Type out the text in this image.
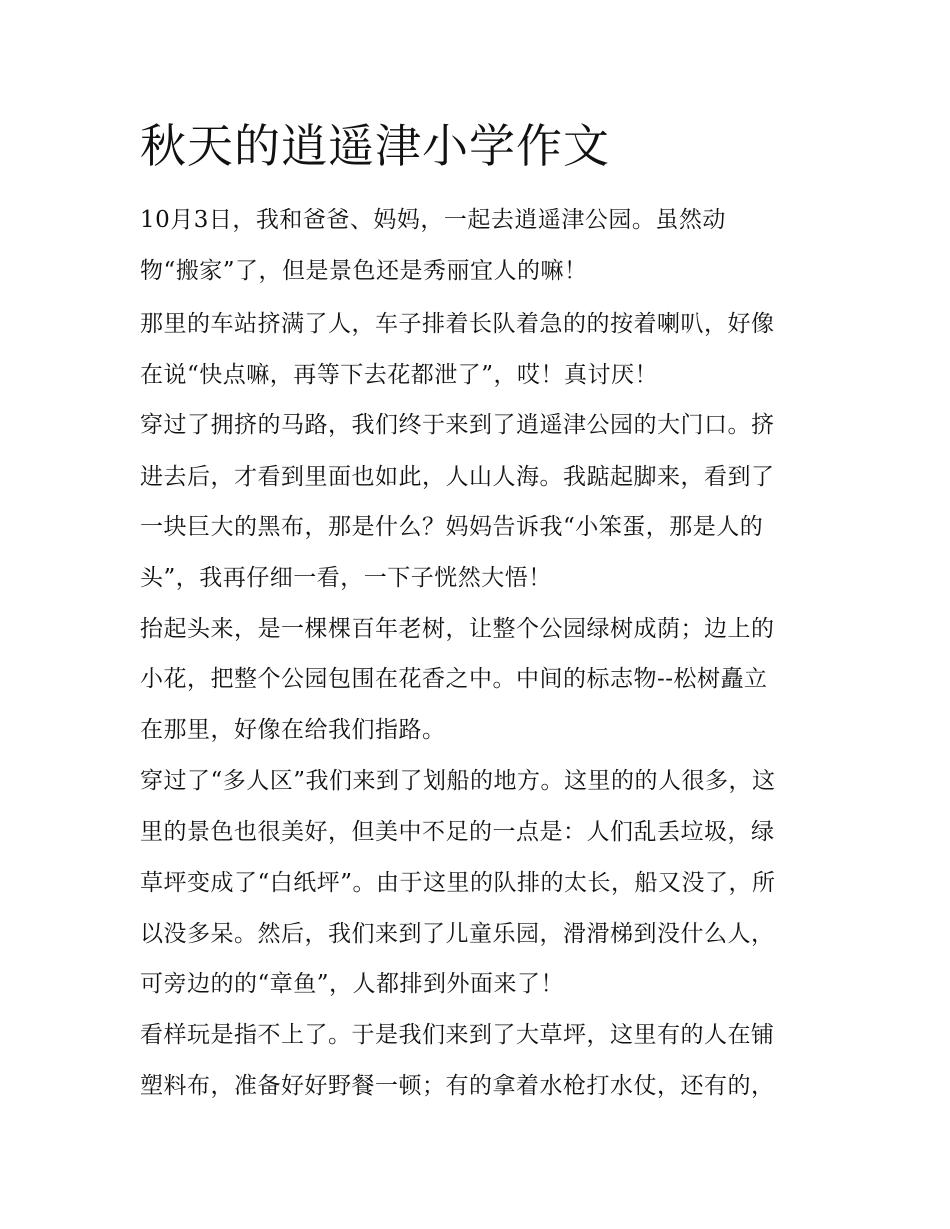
秋天的逍遥津小学作文

10月3日，我和爸爸、妈妈，一起去逍遥津公园。虽然动

物“搬家”了，但是景色还是秀丽宜人的嘛！

那里的车站挤满了人，车子排着长队着急的的按着喇叭，好像

在说“快点嘛，再等下去花都泄了”，哎！真讨厌！

穿过了拥挤的马路，我们终于来到了逍遥津公园的大门口。挤

进去后，才看到里面也如此，人山人海。我踮起脚来，看到了

一块巨大的黑布，那是什么？妈妈告诉我“小笨蛋，那是人的

头”，我再仔细一看，一下子恍然大悟！

抬起头来，是一棵棵百年老树，让整个公园绿树成荫；边上的

小花，把整个公园包围在花香之中。中间的标志物--松树矗立

在那里，好像在给我们指路。

穿过了“多人区”我们来到了划船的地方。这里的的人很多，这

里的景色也很美好，但美中不足的一点是：人们乱丢垃圾，绿

草坪变成了“白纸坪”。由于这里的队排的太长，船又没了，所

以没多呆。然后，我们来到了儿童乐园，滑滑梯到没什么人，

可旁边的的“章鱼”，人都排到外面来了！

看样玩是指不上了。于是我们来到了大草坪，这里有的人在铺

塑料布，准备好好野餐一顿；有的拿着水枪打水仗，还有的，
